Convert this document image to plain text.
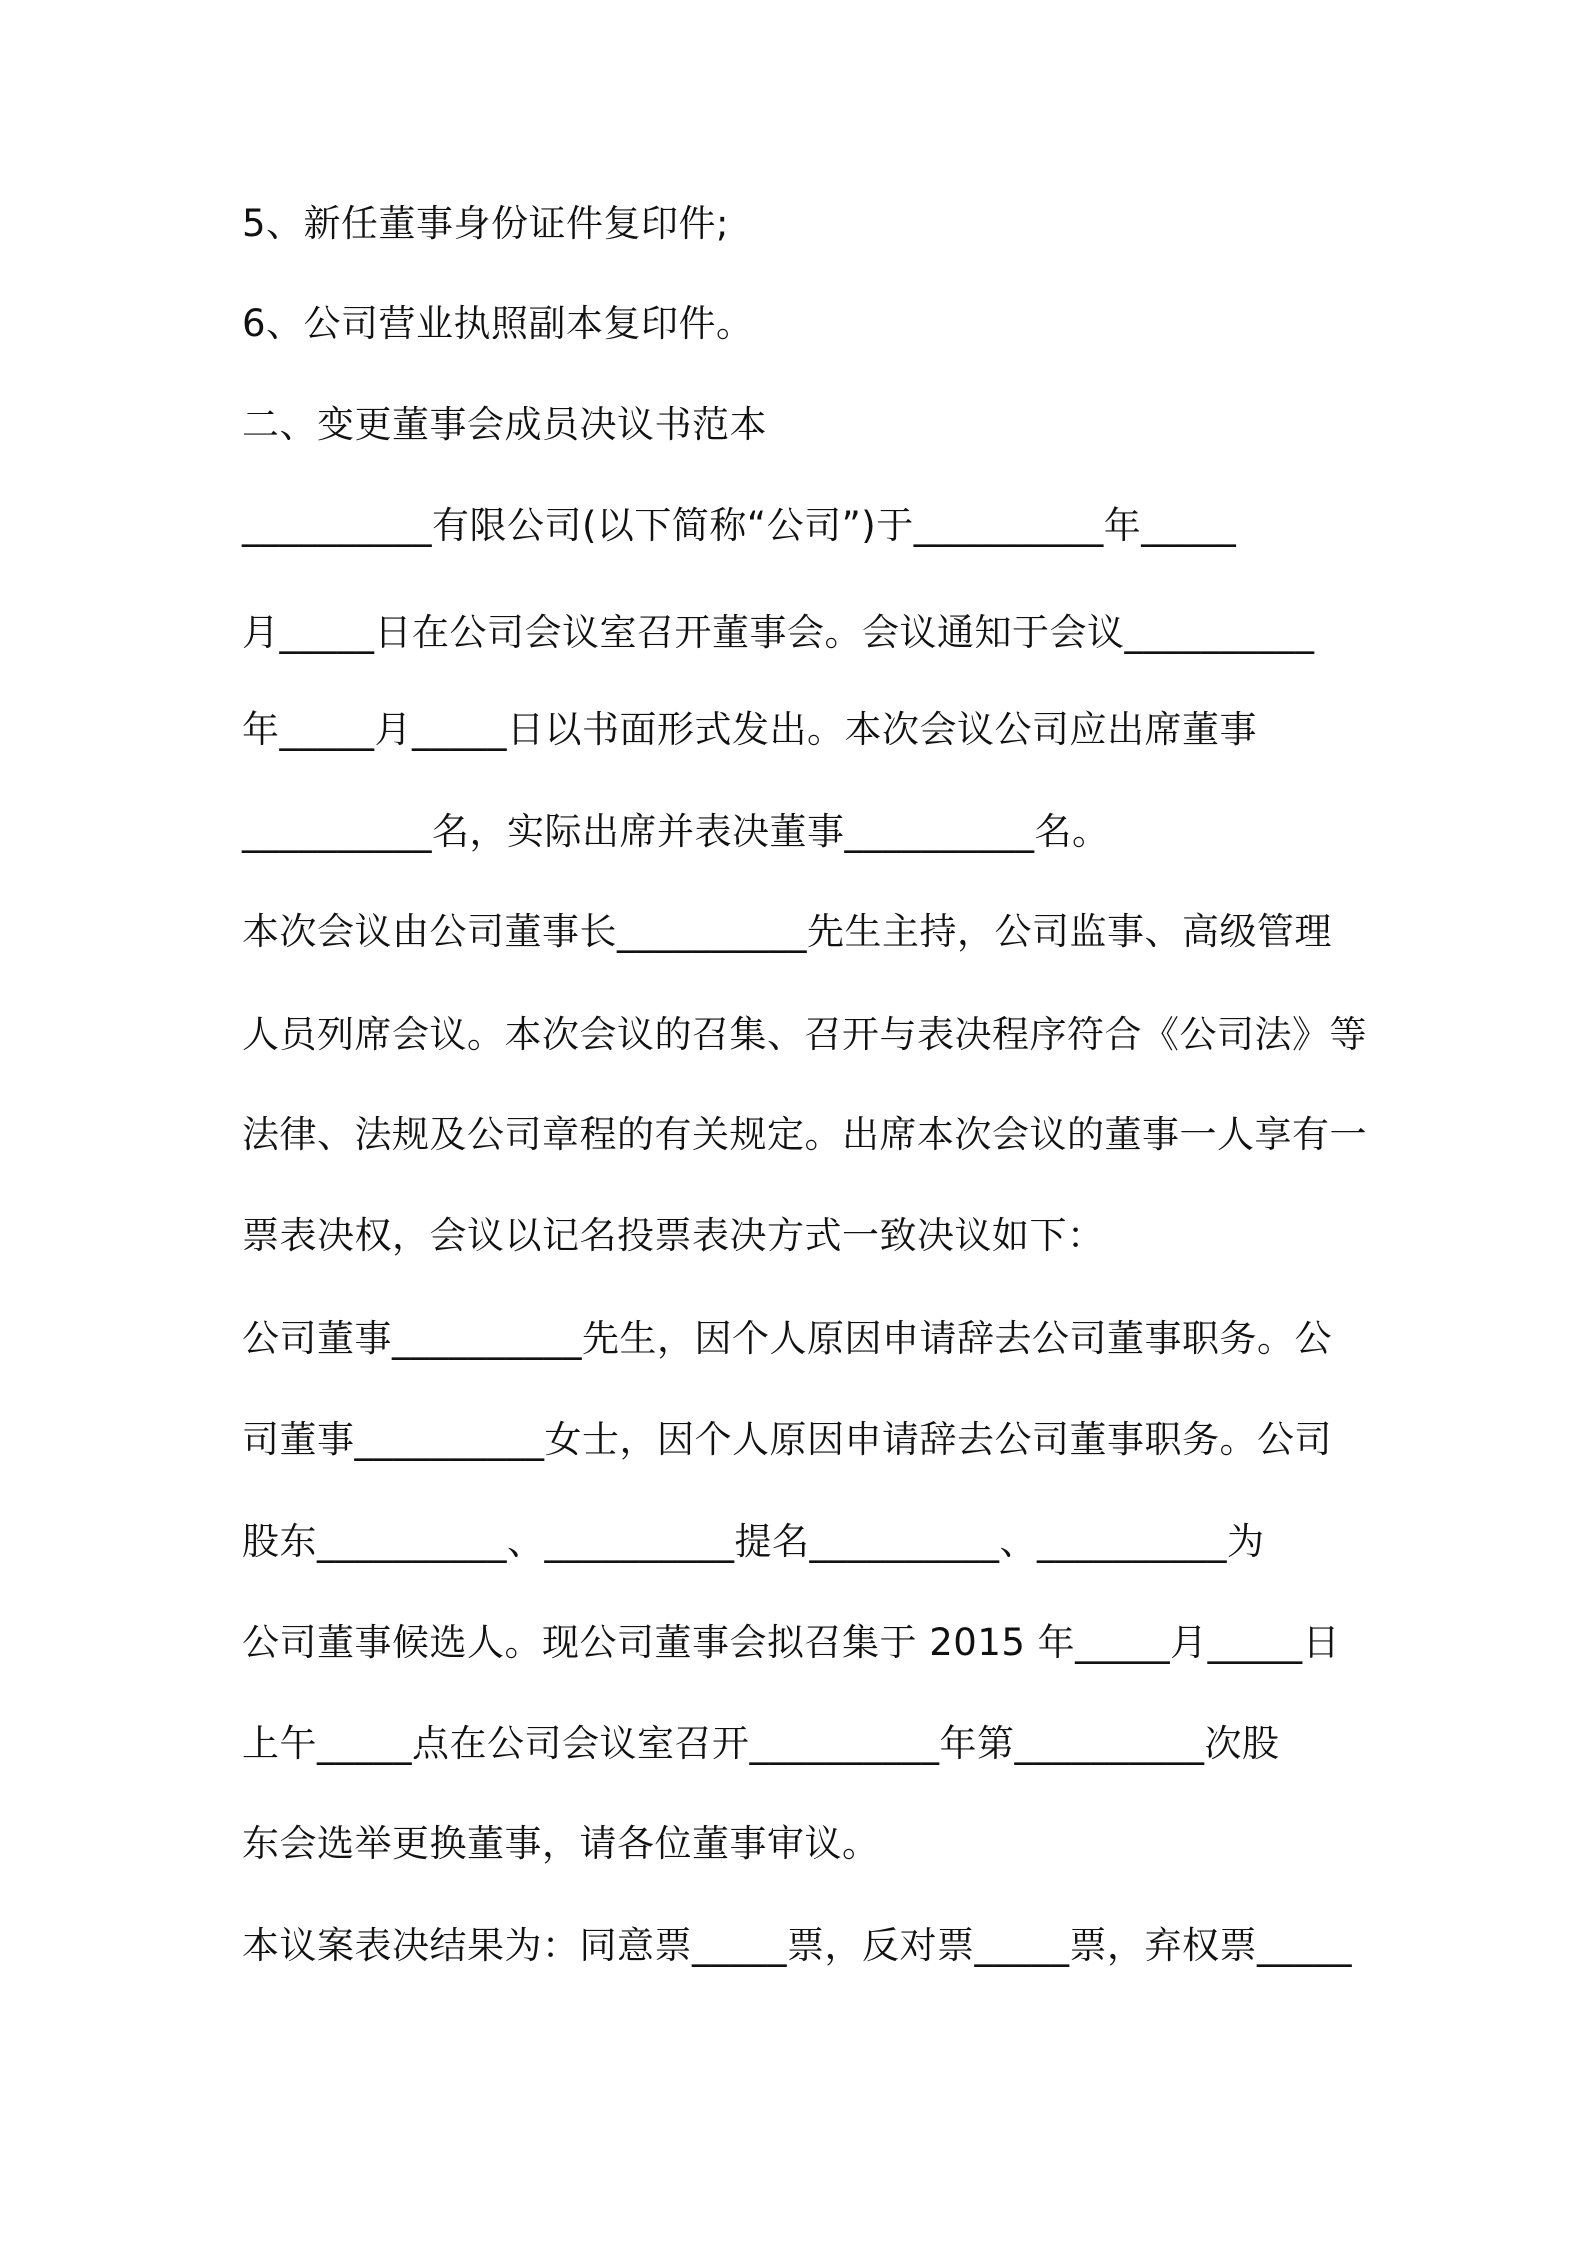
5、新任董事身份证件复印件;
6、公司营业执照副本复印件。
二、变更董事会成员决议书范本
__________有限公司(以下简称“公司”)于__________年_____
月_____日在公司会议室召开董事会。会议通知于会议__________
年_____月_____日以书面形式发出。本次会议公司应出席董事
__________名，实际出席并表决董事__________名。
本次会议由公司董事长__________先生主持，公司监事、高级管理
人员列席会议。本次会议的召集、召开与表决程序符合《公司法》等
法律、法规及公司章程的有关规定。出席本次会议的董事一人享有一
票表决权，会议以记名投票表决方式一致决议如下：
公司董事__________先生，因个人原因申请辞去公司董事职务。公
司董事__________女士，因个人原因申请辞去公司董事职务。公司
股东__________、__________提名__________、__________为
公司董事候选人。现公司董事会拟召集于 2015 年_____月_____日
上午_____点在公司会议室召开__________年第__________次股
东会选举更换董事，请各位董事审议。
本议案表决结果为：同意票_____票，反对票_____票，弃权票_____
